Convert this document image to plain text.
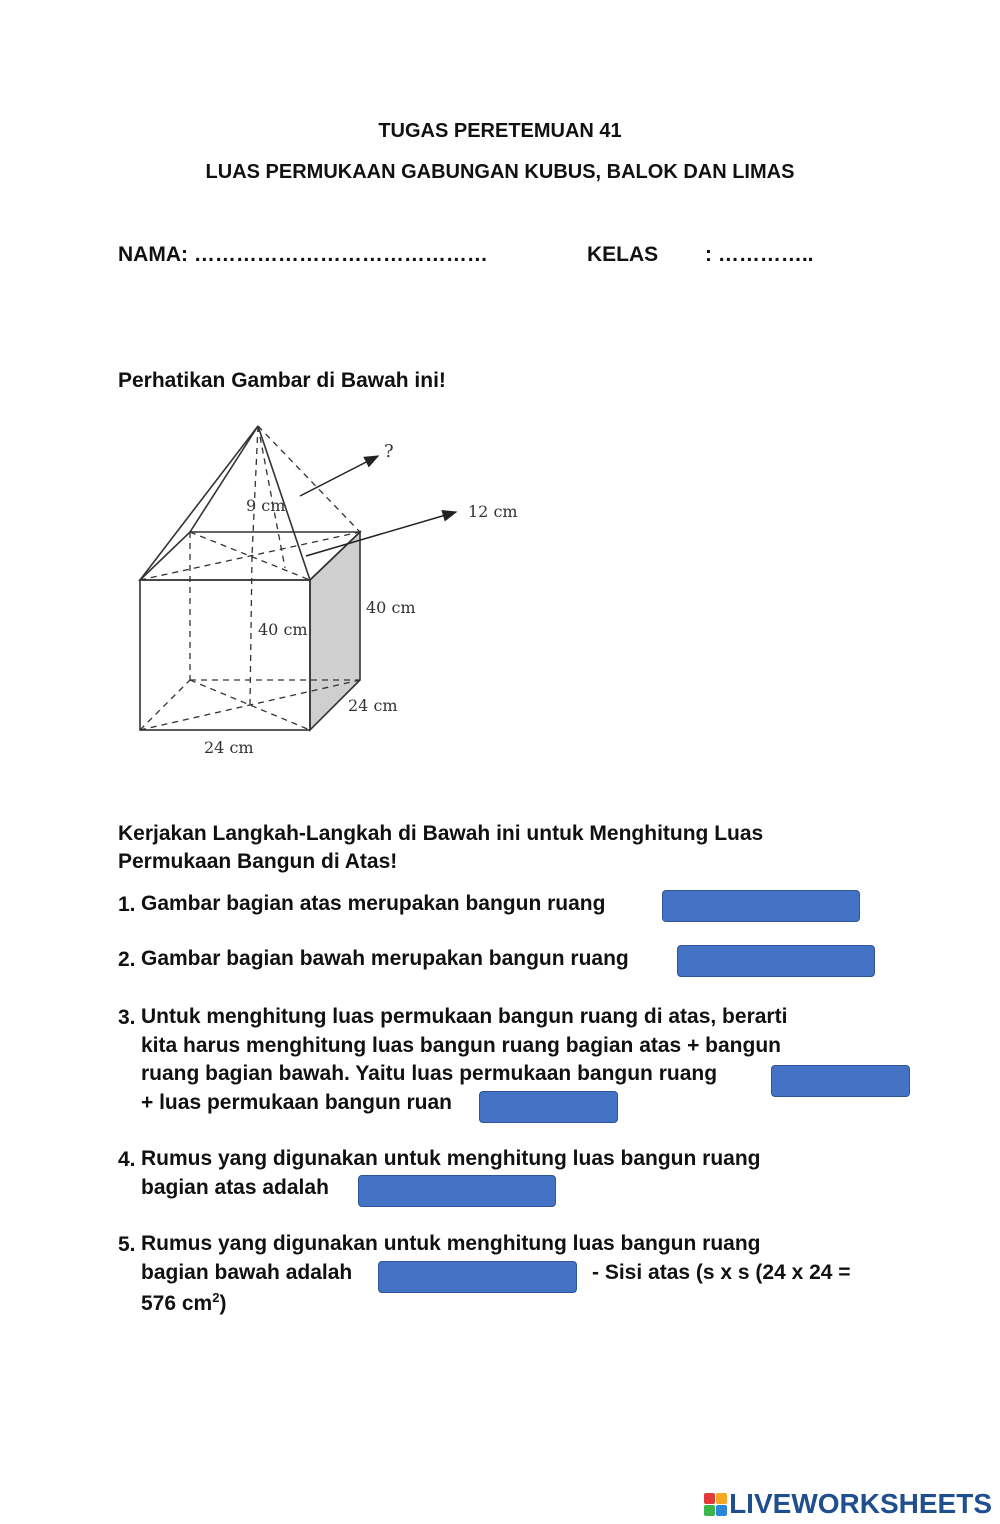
TUGAS PERETEMUAN 41
LUAS PERMUKAAN GABUNGAN KUBUS, BALOK DAN LIMAS
NAMA: ……………………………………	KELAS : …………..
Perhatikan Gambar di Bawah ini!
?
12 cm
9 cm
40 cm
40 cm
24 cm
24 cm
Kerjakan Langkah-Langkah di Bawah ini untuk Menghitung Luas
Permukaan Bangun di Atas!
1. Gambar bagian atas merupakan bangun ruang
2. Gambar bagian bawah merupakan bangun ruang
3. Untuk menghitung luas permukaan bangun ruang di atas, berarti
kita harus menghitung luas bangun ruang bagian atas + bangun
ruang bagian bawah. Yaitu luas permukaan bangun ruang
+ luas permukaan bangun ruan
4. Rumus yang digunakan untuk menghitung luas bangun ruang
bagian atas adalah
5. Rumus yang digunakan untuk menghitung luas bangun ruang
bagian bawah adalah	- Sisi atas (s x s (24 x 24 =
576 $cm^2$)
LIVEWORKSHEETS
